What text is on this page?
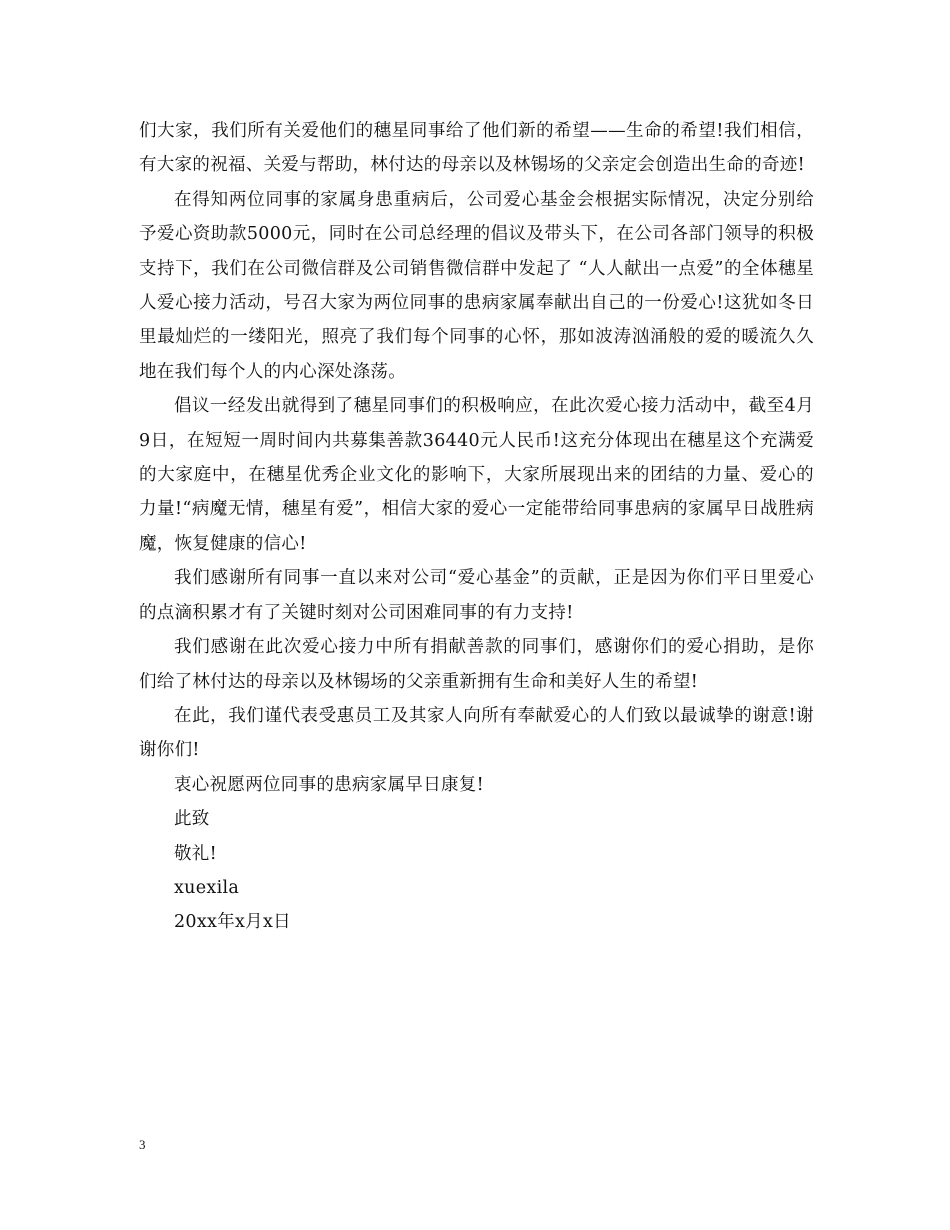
们大家，我们所有关爱他们的穗星同事给了他们新的希望——生命的希望!我们相信，有大家的祝福、关爱与帮助，林付达的母亲以及林锡场的父亲定会创造出生命的奇迹!

在得知两位同事的家属身患重病后，公司爱心基金会根据实际情况，决定分别给予爱心资助款5000元，同时在公司总经理的倡议及带头下，在公司各部门领导的积极支持下，我们在公司微信群及公司销售微信群中发起了 “人人献出一点爱”的全体穗星人爱心接力活动，号召大家为两位同事的患病家属奉献出自己的一份爱心!这犹如冬日里最灿烂的一缕阳光，照亮了我们每个同事的心怀，那如波涛汹涌般的爱的暖流久久地在我们每个人的内心深处涤荡。

倡议一经发出就得到了穗星同事们的积极响应，在此次爱心接力活动中，截至4月9日，在短短一周时间内共募集善款36440元人民币!这充分体现出在穗星这个充满爱的大家庭中，在穗星优秀企业文化的影响下，大家所展现出来的团结的力量、爱心的力量!“病魔无情，穗星有爱”，相信大家的爱心一定能带给同事患病的家属早日战胜病魔，恢复健康的信心!

我们感谢所有同事一直以来对公司“爱心基金”的贡献，正是因为你们平日里爱心的点滴积累才有了关键时刻对公司困难同事的有力支持!

我们感谢在此次爱心接力中所有捐献善款的同事们，感谢你们的爱心捐助，是你们给了林付达的母亲以及林锡场的父亲重新拥有生命和美好人生的希望!

在此，我们谨代表受惠员工及其家人向所有奉献爱心的人们致以最诚挚的谢意!谢谢你们!

衷心祝愿两位同事的患病家属早日康复!

此致

敬礼!

xuexila

20xx年x月x日

3
